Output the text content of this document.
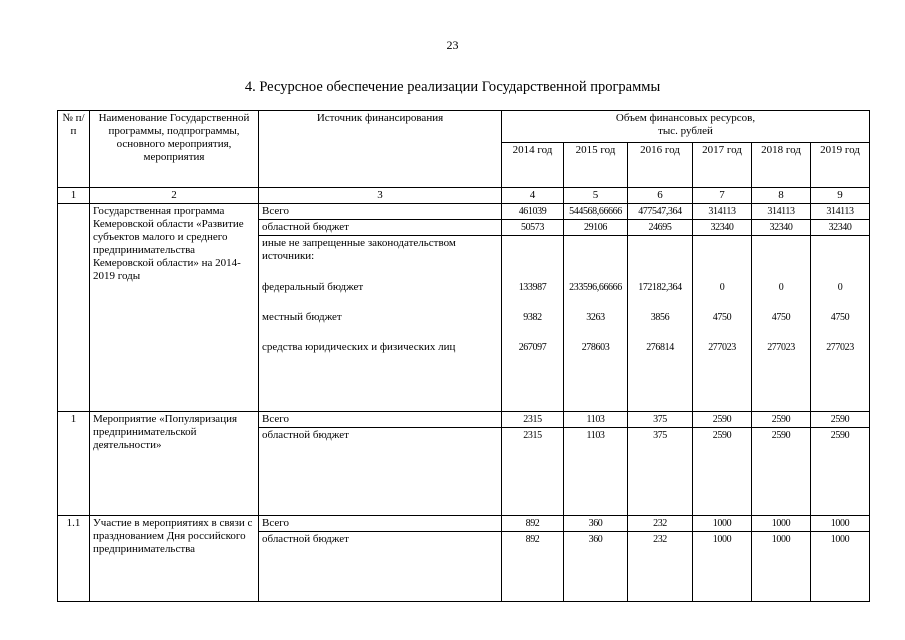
23
4. Ресурсное обеспечение реализации Государственной программы
№ п/п	Наименование Государственной программы, подпрограммы, основного мероприятия, мероприятия	Источник финансирования	Объем финансовых ресурсов, тыс. рублей					

			2014 год	2015 год	2016 год	2017 год	2018 год	2019 год
1	2	3	4	5	6	7	8	9
	Государственная программа Кемеровской области «Развитие субъектов малого и среднего предпринимательства Кемеровской области» на 2014-2019 годы	Всего	461039	544568,66666	477547,364	314113	314113	314113
		областной бюджет	50573	29106	24695	32340	32340	32340
		иные не запрещенные законодательством источники:						
		федеральный бюджет	133987	233596,66666	172182,364	0	0	0
		местный бюджет	9382	3263	3856	4750	4750	4750
		средства юридических и физических лиц	267097	278603	276814	277023	277023	277023
1	Мероприятие «Популяризация предпринимательской деятельности»	Всего	2315	1103	375	2590	2590	2590
		областной бюджет	2315	1103	375	2590	2590	2590
1.1	Участие в мероприятиях в связи с празднованием Дня российского предпринимательства	Всего	892	360	232	1000	1000	1000
		областной бюджет	892	360	232	1000	1000	1000
